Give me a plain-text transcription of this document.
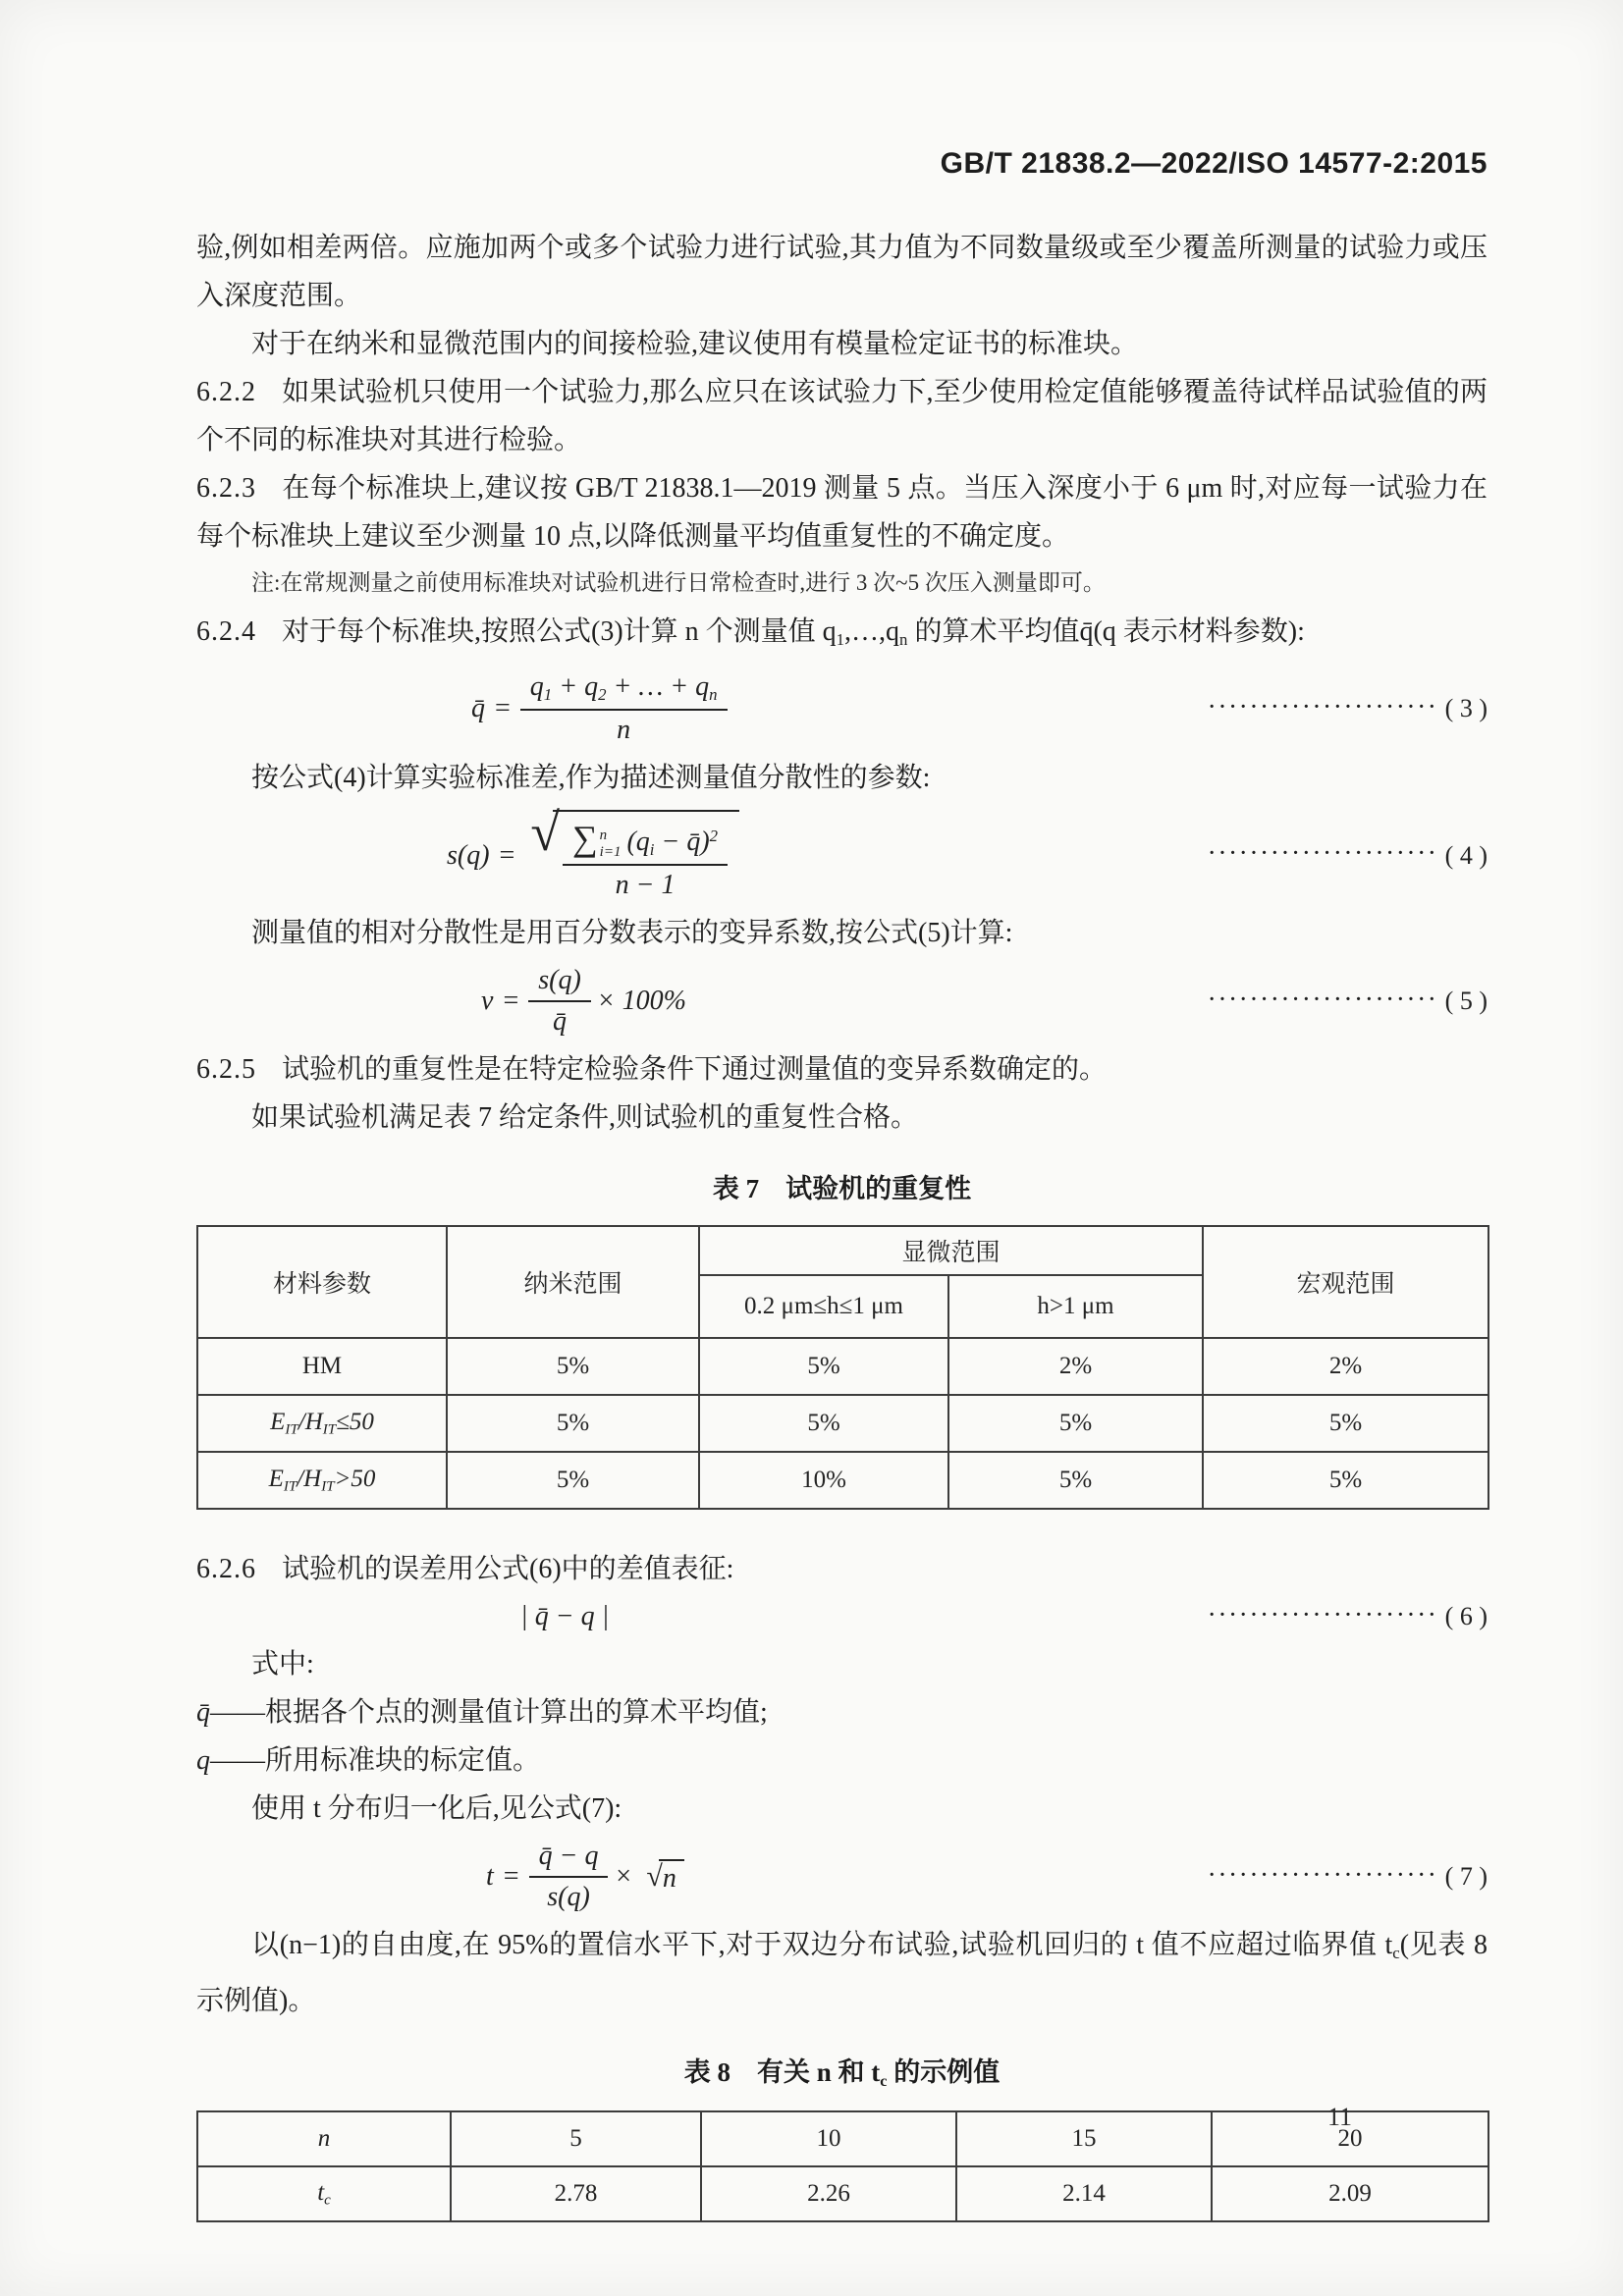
GB/T 21838.2—2022/ISO 14577-2:2015

验,例如相差两倍。应施加两个或多个试验力进行试验,其力值为不同数量级或至少覆盖所测量的试验力或压入深度范围。

对于在纳米和显微范围内的间接检验,建议使用有模量检定证书的标准块。

6.2.2 如果试验机只使用一个试验力,那么应只在该试验力下,至少使用检定值能够覆盖待试样品试验值的两个不同的标准块对其进行检验。

6.2.3 在每个标准块上,建议按 GB/T 21838.1—2019 测量 5 点。当压入深度小于 6 μm 时,对应每一试验力在每个标准块上建议至少测量 10 点,以降低测量平均值重复性的不确定度。

注:在常规测量之前使用标准块对试验机进行日常检查时,进行 3 次~5 次压入测量即可。

6.2.4 对于每个标准块,按照公式(3)计算 n 个测量值 $q_1,\dots,q_n$ 的算术平均值q̄(q 表示材料参数):

q̄ = $\frac{q_1 + q_2 + \dots + q_n}{n}$	······················ ( 3 )

按公式(4)计算实验标准差,作为描述测量值分散性的参数:

s(q) = √ ∑ n
i=1 ($q_i$ − q̄)$^2$
n − 1	······················ ( 4 )

测量值的相对分散性是用百分数表示的变异系数,按公式(5)计算:

$v = \frac{s(q)}{q̄} \times 100\%$	······················ ( 5 )

6.2.5 试验机的重复性是在特定检验条件下通过测量值的变异系数确定的。

如果试验机满足表 7 给定条件,则试验机的重复性合格。

表 7　试验机的重复性
材料参数	纳米范围	显微范围		宏观范围
		0.2 μm≤h≤1 μm	h>1 μm	
HM	5%	5%	2%	2%
$E_{IT}/H_{IT}\le 50$	5%	5%	5%	5%
$E_{IT}/H_{IT}>50$	5%	10%	5%	5%

6.2.6 试验机的误差用公式(6)中的差值表征:

| q̄ − q |	······················ ( 6 )

式中:

q̄——根据各个点的测量值计算出的算术平均值;

q——所用标准块的标定值。

使用 t 分布归一化后,见公式(7):

$t = \frac{q̄ - q}{s(q)}$ × √ n	······················ ( 7 )

以(n−1)的自由度,在 95%的置信水平下,对于双边分布试验,试验机回归的 t 值不应超过临界值 $t_c$(见表 8 示例值)。

表 8　有关 n 和 $t_c$ 的示例值
n	5	10	15	20
$t_c$	2.78	2.26	2.14	2.09
11
